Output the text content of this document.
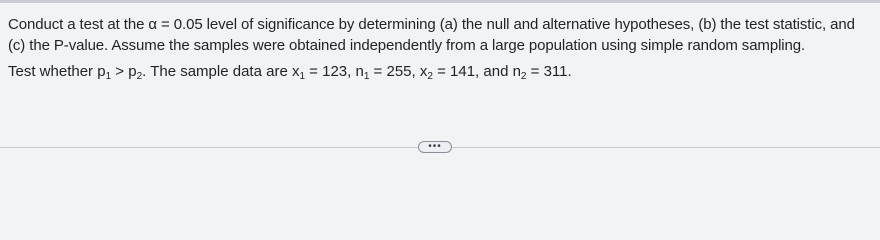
Conduct a test at the α = 0.05 level of significance by determining (a) the null and alternative hypotheses, (b) the test statistic, and (c) the P-value. Assume the samples were obtained independently from a large population using simple random sampling.

Test whether $p_1 > p_2$. The sample data are $x_1 = 123$, $n_1 = 255$, $x_2 = 141$, and $n_2 = 311$.

•••
